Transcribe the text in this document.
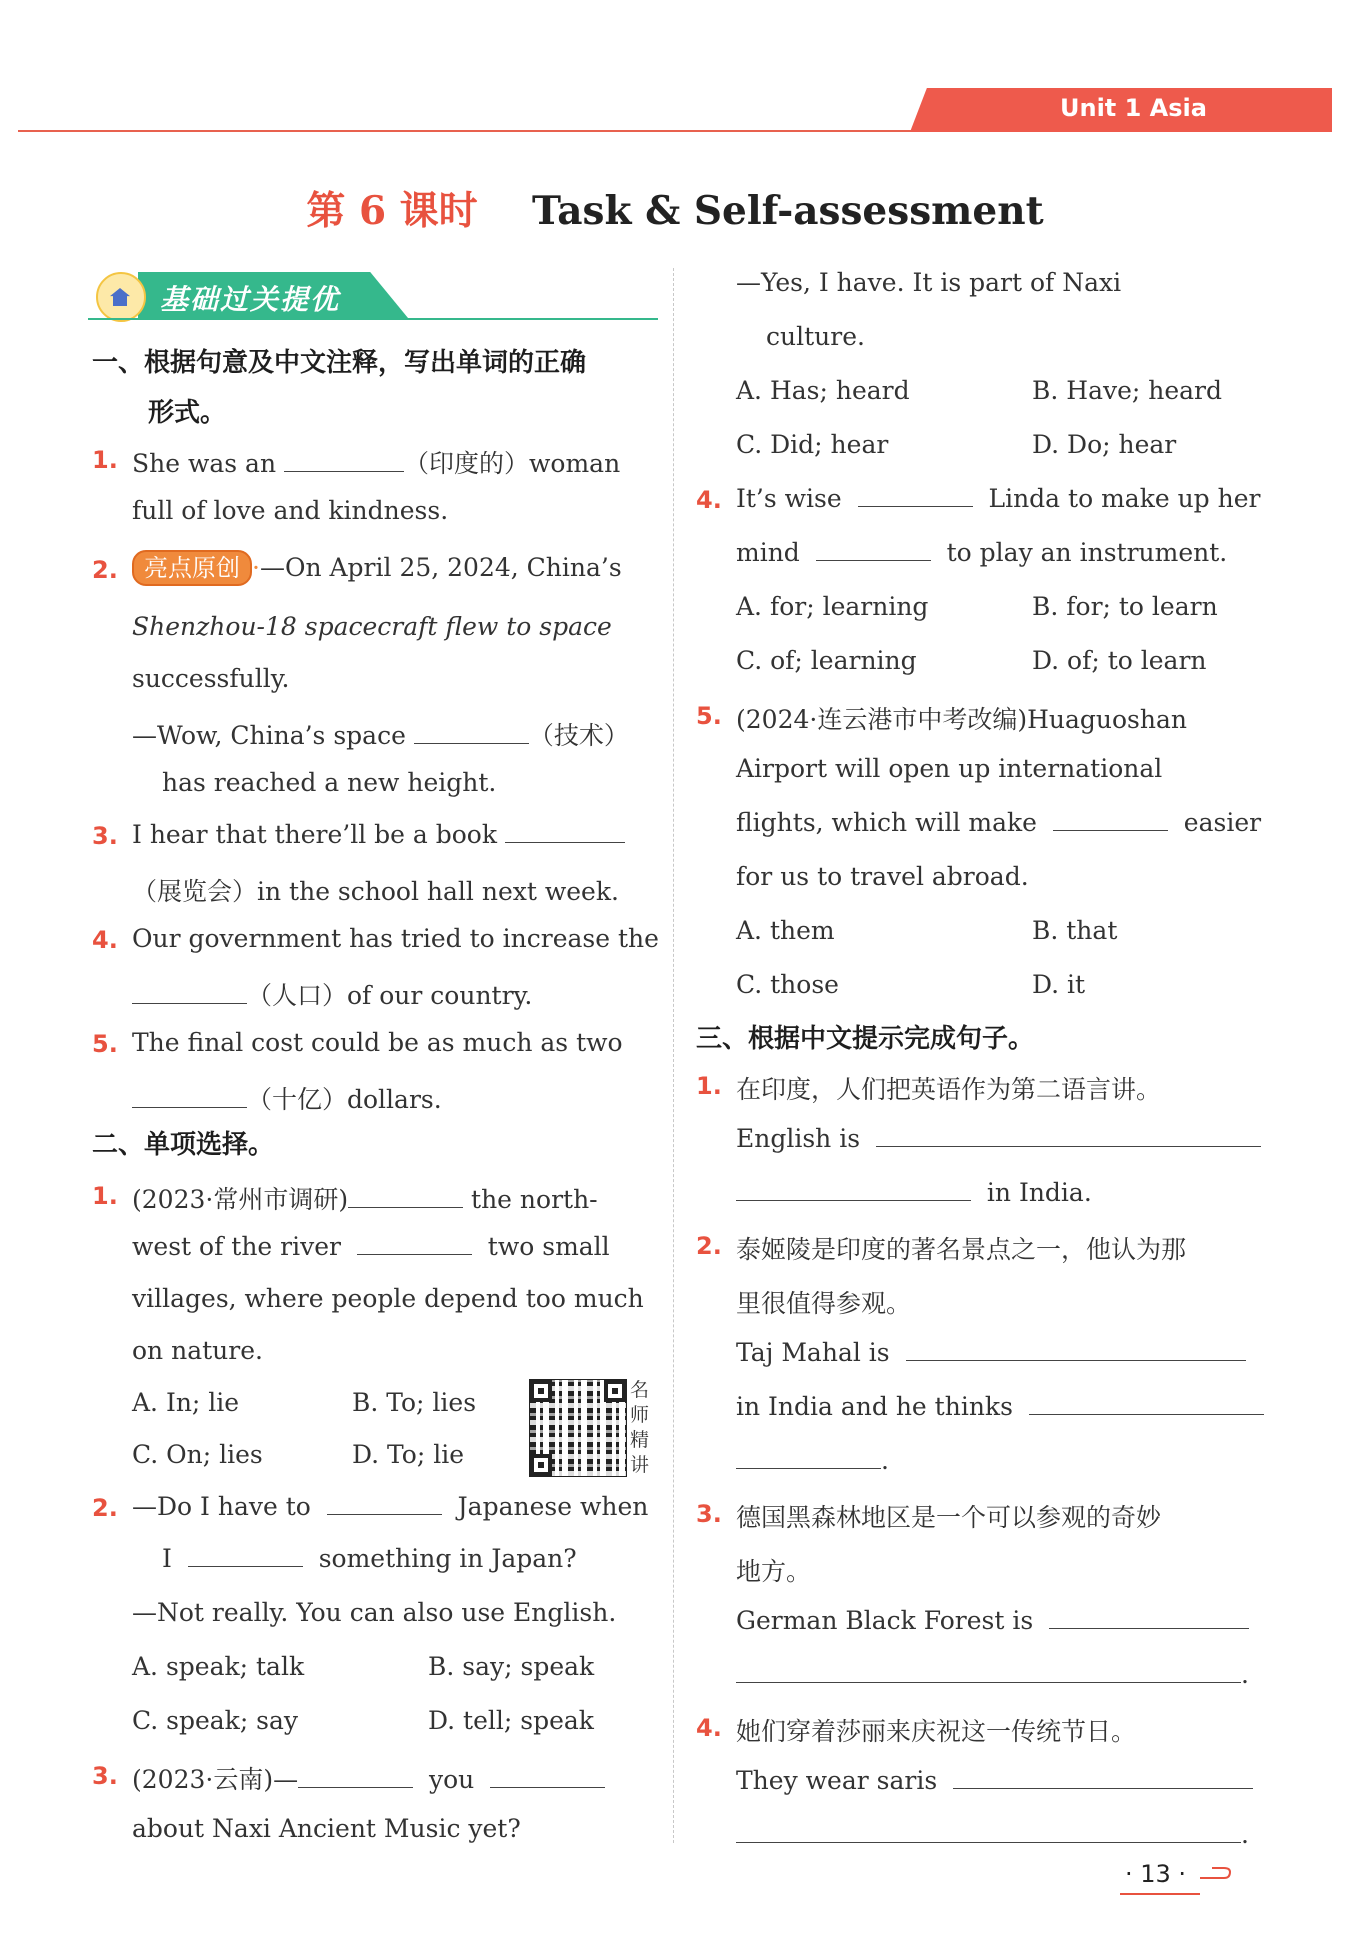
Unit 1 Asia
第 6 课时 Task & Self-assessment
基础过关提优
一、根据句意及中文注释，写出单词的正确
形式。
1. She was an	（印度的）woman
full of love and kindness.
2.	亮点原创 ·—On April 25, 2024, China’s
Shenzhou-18 spacecraft flew to space
successfully.
—Wow, China’s space	（技术）
has reached a new height.
3. I hear that there’ll be a book
（展览会）in the school hall next week.
4. Our government has tried to increase the
（人口）of our country.
5. The final cost could be as much as two
（十亿）dollars.
二、单项选择。
1. (2023·常州市调研)	the north-
west of the river	two small
villages, where people depend too much
on nature.
A. In; lie	B. To; lies
C. On; lies	D. To; lie
名师精讲
2. —Do I have to	Japanese when
I	something in Japan?
—Not really. You can also use English.
A. speak; talk	B. say; speak
C. speak; say	D. tell; speak
3. (2023·云南)—	you
about Naxi Ancient Music yet?
—Yes, I have. It is part of Naxi
culture.
A. Has; heard	B. Have; heard
C. Did; hear	D. Do; hear
4. It’s wise	Linda to make up her
mind	to play an instrument.
A. for; learning	B. for; to learn
C. of; learning	D. of; to learn
5. (2024·连云港市中考改编)Huaguoshan
Airport will open up international
flights, which will make	easier
for us to travel abroad.
A. them	B. that
C. those	D. it
三、根据中文提示完成句子。
1. 在印度，人们把英语作为第二语言讲。
English is
in India.
2. 泰姬陵是印度的著名景点之一，他认为那
里很值得参观。
Taj Mahal is
in India and he thinks
.
3. 德国黑森林地区是一个可以参观的奇妙
地方。
German Black Forest is
.
4. 她们穿着莎丽来庆祝这一传统节日。
They wear saris
.
· 13 ·
